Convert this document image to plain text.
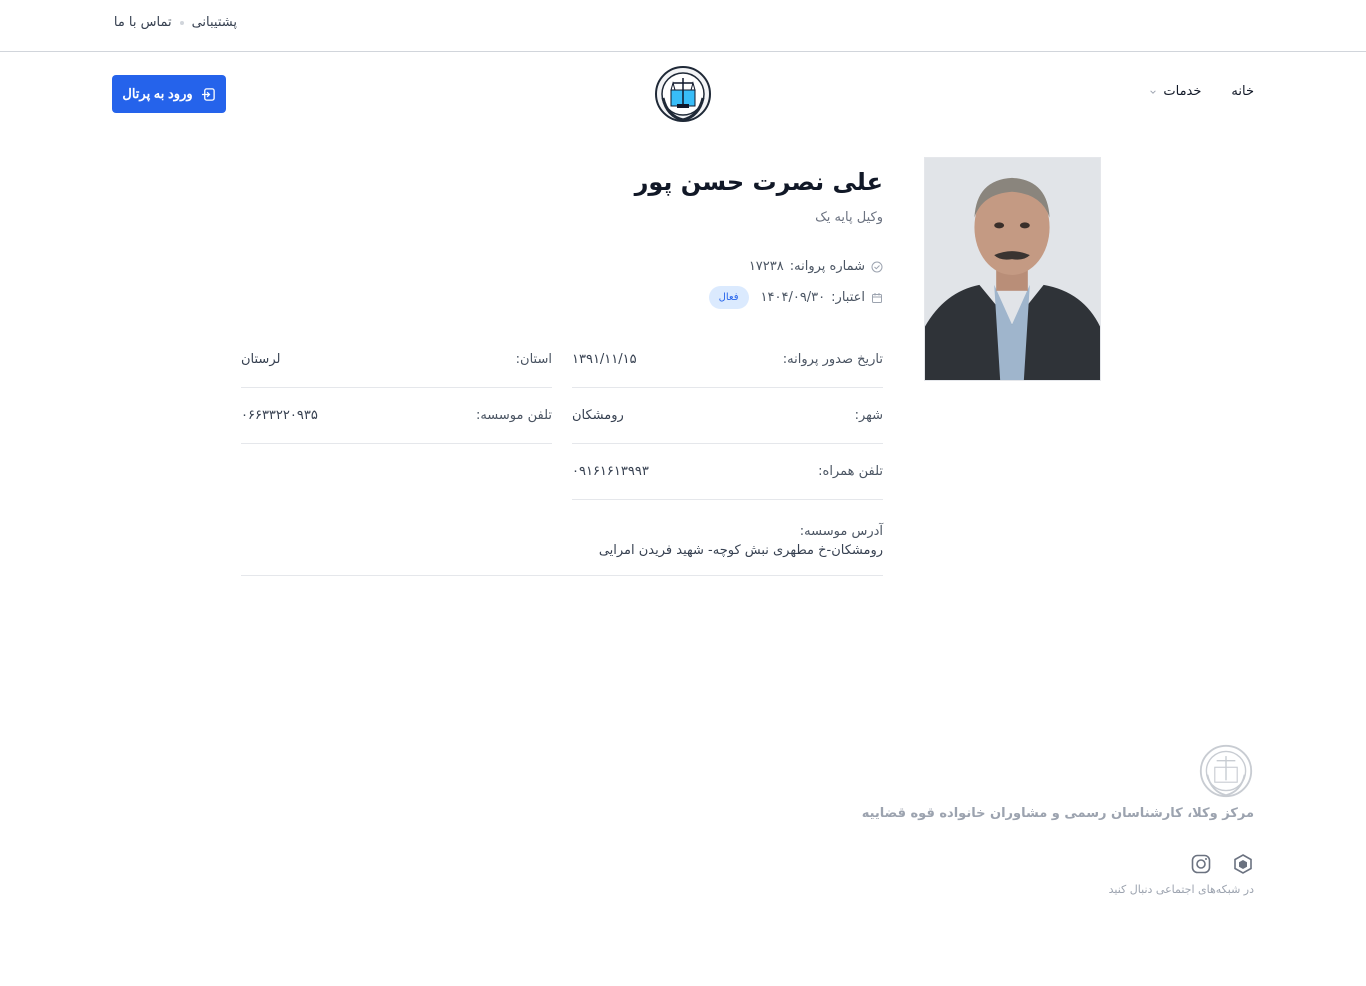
پشتیبانی
تماس با ما
خانه
خدمات
ورود به پرتال
علی نصرت حسن پور
وکیل پایه یک
شماره پروانه:
۱۷۲۳۸
اعتبار:
۱۴۰۴/۰۹/۳۰
فعال
تاریخ صدور پروانه:
۱۳۹۱/۱۱/۱۵
استان:
لرستان
شهر:
رومشکان
تلفن موسسه:
۰۶۶۳۳۲۲۰۹۳۵
تلفن همراه:
۰۹۱۶۱۶۱۳۹۹۳
آدرس موسسه:
رومشکان-خ مطهری نبش کوچه- شهید فریدن امرایی
مرکز وکلا، کارشناسان رسمی و مشاوران خانواده قوه قضاییه
در شبکه‌های اجتماعی دنبال کنید
